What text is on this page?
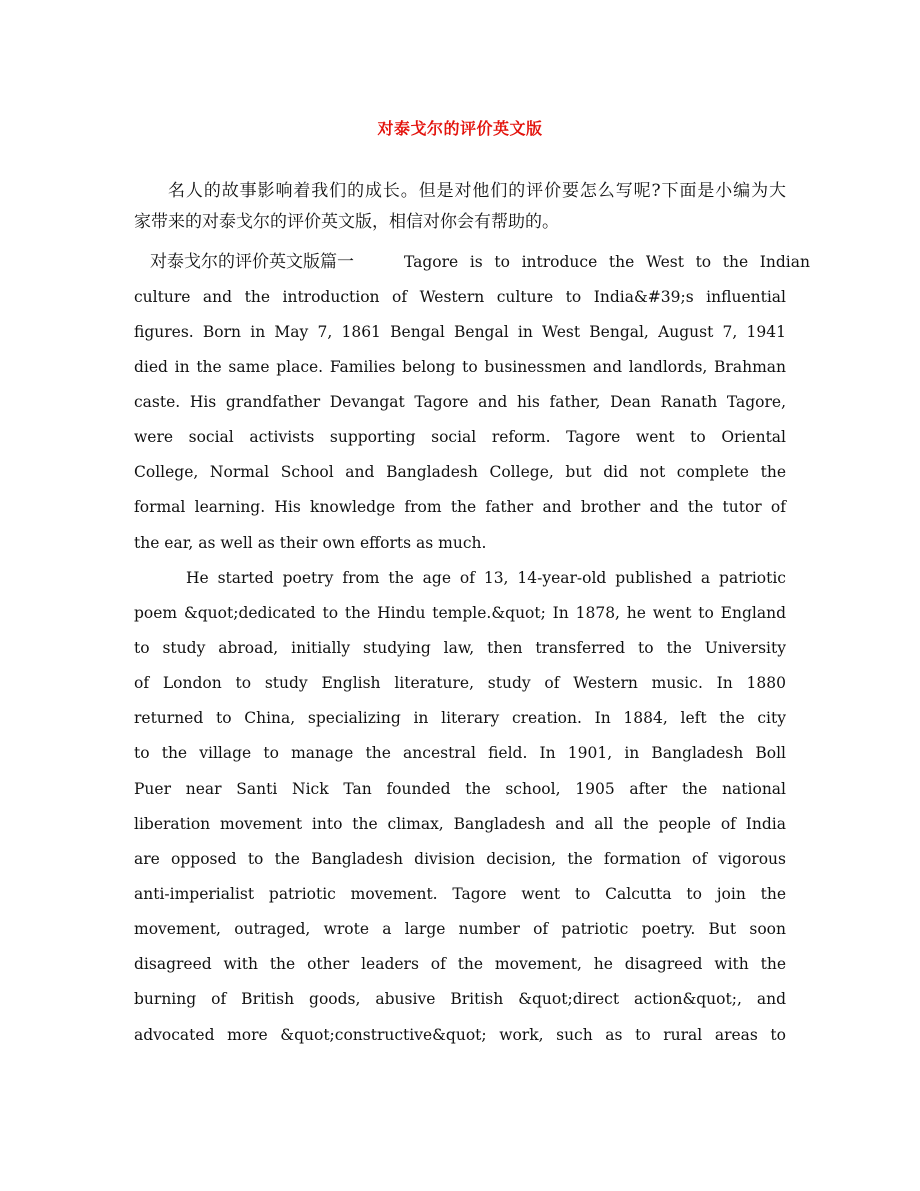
对泰戈尔的评价英文版

名人的故事影响着我们的成长。但是对他们的评价要怎么写呢?下面是小编为大

家带来的对泰戈尔的评价英文版，相信对你会有帮助的。

对泰戈尔的评价英文版篇一	Tagore is to introduce the West to the Indian

culture and the introduction of Western culture to India&#39;s influential

figures. Born in May 7, 1861 Bengal Bengal in West Bengal, August 7, 1941

died in the same place. Families belong to businessmen and landlords, Brahman

caste. His grandfather Devangat Tagore and his father, Dean Ranath Tagore,

were social activists supporting social reform. Tagore went to Oriental

College, Normal School and Bangladesh College, but did not complete the

formal learning. His knowledge from the father and brother and the tutor of

the ear, as well as their own efforts as much.

He started poetry from the age of 13, 14-year-old published a patriotic

poem &quot;dedicated to the Hindu temple.&quot; In 1878, he went to England

to study abroad, initially studying law, then transferred to the University

of London to study English literature, study of Western music. In 1880

returned to China, specializing in literary creation. In 1884, left the city

to the village to manage the ancestral field. In 1901, in Bangladesh Boll

Puer near Santi Nick Tan founded the school, 1905 after the national

liberation movement into the climax, Bangladesh and all the people of India

are opposed to the Bangladesh division decision, the formation of vigorous

anti-imperialist patriotic movement. Tagore went to Calcutta to join the

movement, outraged, wrote a large number of patriotic poetry. But soon

disagreed with the other leaders of the movement, he disagreed with the

burning of British goods, abusive British &quot;direct action&quot;, and

advocated more &quot;constructive&quot; work, such as to rural areas to
